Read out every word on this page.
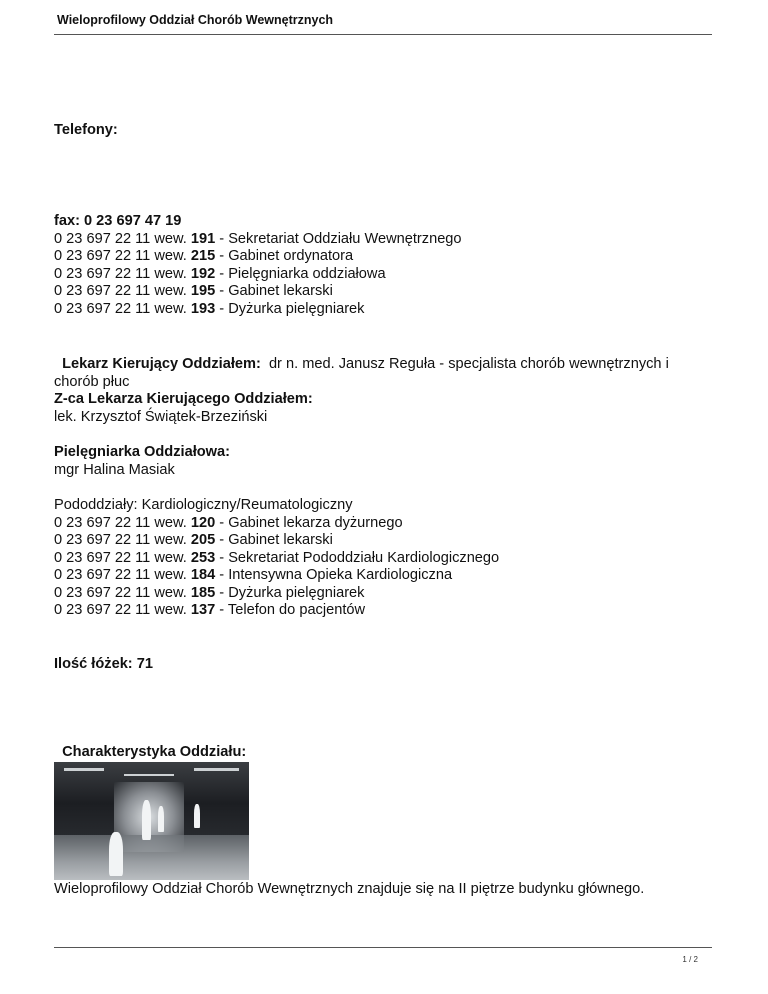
Wieloprofilowy Oddział Chorób Wewnętrznych
Telefony:
fax: 0 23 697 47 19
0 23 697 22 11 wew. 191 - Sekretariat Oddziału Wewnętrznego
0 23 697 22 11 wew. 215 - Gabinet ordynatora
0 23 697 22 11 wew. 192 - Pielęgniarka oddziałowa
0 23 697 22 11 wew. 195 - Gabinet lekarski
0 23 697 22 11 wew. 193 - Dyżurka pielęgniarek
Lekarz Kierujący Oddziałem: dr n. med. Janusz Reguła - specjalista chorób wewnętrznych i chorób płuc
Z-ca Lekarza Kierującego Oddziałem:
lek. Krzysztof Świątek-Brzeziński
Pielęgniarka Oddziałowa:
mgr Halina Masiak
Pododdziały: Kardiologiczny/Reumatologiczny
0 23 697 22 11 wew. 120 - Gabinet lekarza dyżurnego
0 23 697 22 11 wew. 205 - Gabinet lekarski
0 23 697 22 11 wew. 253 - Sekretariat Pododdziału Kardiologicznego
0 23 697 22 11 wew. 184 - Intensywna Opieka Kardiologiczna
0 23 697 22 11 wew. 185 - Dyżurka pielęgniarek
0 23 697 22 11 wew. 137 - Telefon do pacjentów
Ilość łóżek: 71
Charakterystyka Oddziału:
Wieloprofilowy Oddział Chorób Wewnętrznych znajduje się na II piętrze budynku głównego.
1 / 2
